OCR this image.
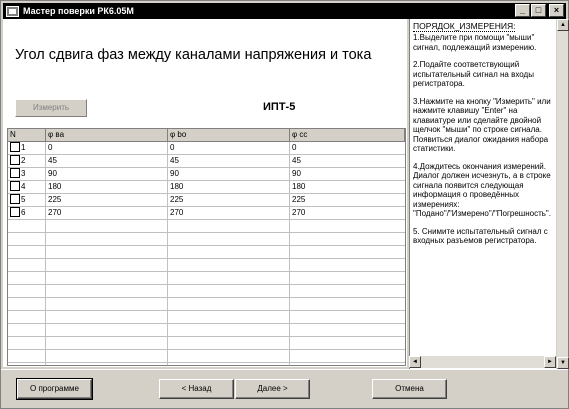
Мастер поверки РК6.05М	_	□	×
Угол сдвига фаз между каналами напряжения и тока
Измерить	ИПТ-5
N	φ ва	φ bo	φ cc
1	0	0	0
2	45	45	45
3	90	90	90
4	180	180	180
5	225	225	225
6	270	270	270
ПОРЯДОК_ИЗМЕРЕНИЯ:

1.Выделите при помощи "мыши" сигнал, подлежащий измерению.

2.Подайте соответствующий испытательный сигнал на входы регистратора.

3.Нажмите на кнопку "Измерить" или нажмите клавишу "Enter" на клавиатуре или сделайте двойной щелчок "мыши" по строке сигнала. Появиться диалог ожидания набора статистики.

4.Дождитесь окончания измерений. Диалог должен исчезнуть, а в строке сигнала появится следующая информация о проведённых измерениях: "Подано"/"Измерено"/"Погрешность".

5. Снимите испытательный сигнал с входных разъемов регистратора.

▲
▼
◄	►
О программе	< Назад	Далее >	Отмена
